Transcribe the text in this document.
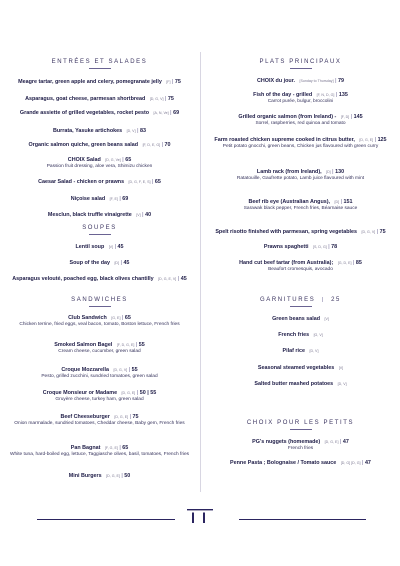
ENTRÉES ET SALADES
Meagre tartar, green apple and celery, pomegranate jelly [F] | 75
Asparagus, goat cheese, parmesan shortbread [D, G, V] | 75
Grande assiette of grilled vegetables, rocket pesto [A, N, Ve] | 69
Burrata, Yasuke artichokes [D, V] | 83
Organic salmon quiche, green beans salad [F, D, E, G] | 70
CHOIX Salad [D, G, Ve] | 65
Passion fruit dressing, aloe vera, Shimizu chicken
Caesar Salad - chicken or prawns [D, G, F, E, S] | 65
Niçoise salad [F, E] | 69
Mesclun, black truffle vinaigrette [V] | 40
SOUPES
Lentil soup [V] | 45
Soup of the day [D] | 45
Asparagus velouté, poached egg, black olives chantilly [D, G, E, V] | 45
SANDWICHES
Club Sandwich [G, E] | 65
Chicken terrine, fried eggs, veal bacon, tomato, Boston lettuce, French fries
Smoked Salmon Bagel [F, D, G, E] | 55
Cream cheese, cucumber, green salad
Croque Mozzarella [D, G, V] | 55
Pesto, grilled zucchini, sundried tomatoes, green salad
Croque Monsieur or Madame [D, G, E] | 50 | 55
Gruyère cheese, turkey ham, green salad
Beef Cheeseburger [D, G, E] | 75
Onion marmalade, sundried tomatoes, Cheddar cheese, Baby gem, French fries
Pan Bagnat [F, G, E] | 65
White tuna, hard-boiled egg, lettuce, Taggiasche olives, basil, tomatoes, French fries
Mini Burgers [D, G, E] | 50
PLATS PRINCIPAUX
CHOIX du jour. [Sunday to Thursday] | 79
Fish of the day - grilled [F, N, D, G] | 135
Carrot purée, bulgur, broccolini
Grilled organic salmon (from Ireland) - [F, D] | 145
Sorrel, raspberries, red quinoa and tomato
Farm roasted chicken supreme cooked in citrus butter, [D, G, E] | 125
Petit potato gnocchi, green beans, Chicken jus flavoured with green curry
Lamb rack (from Ireland), [D] | 130
Ratatouille, Gaufrette potato, Lamb juice flavoured with mint
Beef rib eye (Australian Angus), [D] | 151
Sarawak black pepper, French fries, Béarnaise sauce
Spelt risotto finished with parmesan, spring vegetables [D, G, V] | 75
Prawns spaghetti [S, D, G] | 78
Hand cut beef tartar (from Australia); [G, D, E] | 85
Beaufort cromesquis, avocado
GARNITURES  |  25
Green beans salad [V]
French fries [G, V]
Pilaf rice [D, V]
Seasonal steamed vegetables [V]
Salted butter mashed potatoes [D, V]
CHOIX POUR LES PETITS
PG's nuggets (homemade) [D, G, E] | 47
French fries
Penne Pasta ; Bolognaise / Tomato sauce [D, G] [D, G] | 47
